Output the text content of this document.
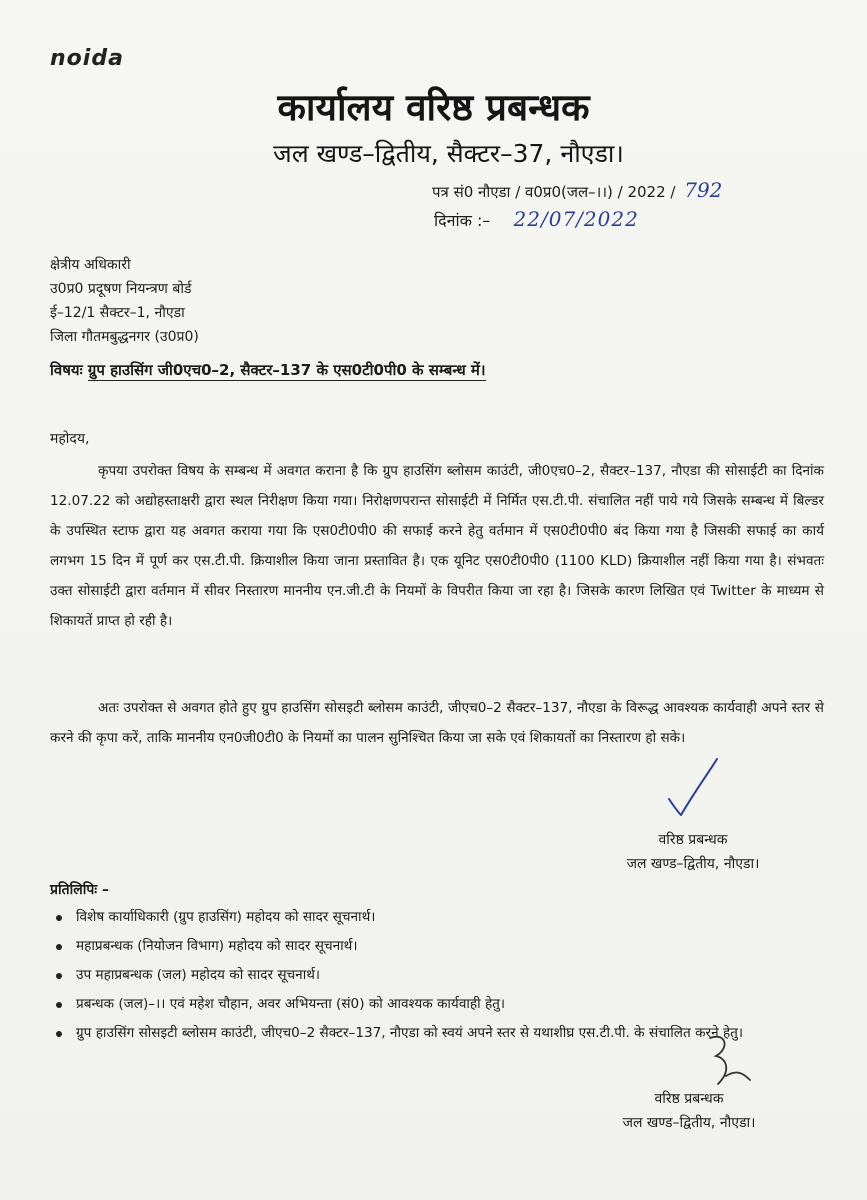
noida
कार्यालय वरिष्ठ प्रबन्धक
जल खण्ड–द्वितीय, सैक्टर–37, नौएडा।
पत्र सं0 नौएडा / व0प्र0(जल–।।) / 2022 / 792
दिनांक :– 22/07/2022
क्षेत्रीय अधिकारी
उ0प्र0 प्रदूषण नियन्त्रण बोर्ड
ई–12/1 सैक्टर–1, नौएडा
जिला गौतमबुद्धनगर (उ0प्र0)
विषयः ग्रुप हाउसिंग जी0एच0–2, सैक्टर–137 के एस0टी0पी0 के सम्बन्ध में।
महोदय,
कृपया उपरोक्त विषय के सम्बन्ध में अवगत कराना है कि ग्रुप हाउसिंग ब्लोसम काउंटी, जी0एच0–2, सैक्टर–137, नौएडा की सोसाईटी का दिनांक 12.07.22 को अद्योहस्ताक्षरी द्वारा स्थल निरीक्षण किया गया। निरोक्षणपरान्त सोसाईटी में निर्मित एस.टी.पी. संचालित नहीं पाये गये जिसके सम्बन्ध में बिल्डर के उपस्थित स्टाफ द्वारा यह अवगत कराया गया कि एस0टी0पी0 की सफाई करने हेतु वर्तमान में एस0टी0पी0 बंद किया गया है जिसकी सफाई का कार्य लगभग 15 दिन में पूर्ण कर एस.टी.पी. क्रियाशील किया जाना प्रस्तावित है। एक यूनिट एस0टी0पी0 (1100 KLD) क्रियाशील नहीं किया गया है। संभवतः उक्त सोसाईटी द्वारा वर्तमान में सीवर निस्तारण माननीय एन.जी.टी के नियमों के विपरीत किया जा रहा है। जिसके कारण लिखित एवं Twitter के माध्यम से शिकायतें प्राप्त हो रही है।
अतः उपरोक्त से अवगत होते हुए ग्रुप हाउसिंग सोसइटी ब्लोसम काउंटी, जीएच0–2 सैक्टर–137, नौएडा के विरूद्ध आवश्यक कार्यवाही अपने स्तर से करने की कृपा करें, ताकि माननीय एन0जी0टी0 के नियमों का पालन सुनिश्चित किया जा सके एवं शिकायतों का निस्तारण हो सके।
वरिष्ठ प्रबन्धक
जल खण्ड–द्वितीय, नौएडा।
प्रतिलिपिः –
विशेष कार्याधिकारी (ग्रुप हाउसिंग) महोदय को सादर सूचनार्थ।
महाप्रबन्धक (नियोजन विभाग) महोदय को सादर सूचनार्थ।
उप महाप्रबन्धक (जल) महोदय को सादर सूचनार्थ।
प्रबन्धक (जल)–।। एवं महेश चौहान, अवर अभियन्ता (सं0) को आवश्यक कार्यवाही हेतु।
ग्रुप हाउसिंग सोसइटी ब्लोसम काउंटी, जीएच0–2 सैक्टर–137, नौएडा को स्वयं अपने स्तर से यथाशीघ्र एस.टी.पी. के संचालित करने हेतु।
वरिष्ठ प्रबन्धक
जल खण्ड–द्वितीय, नौएडा।
